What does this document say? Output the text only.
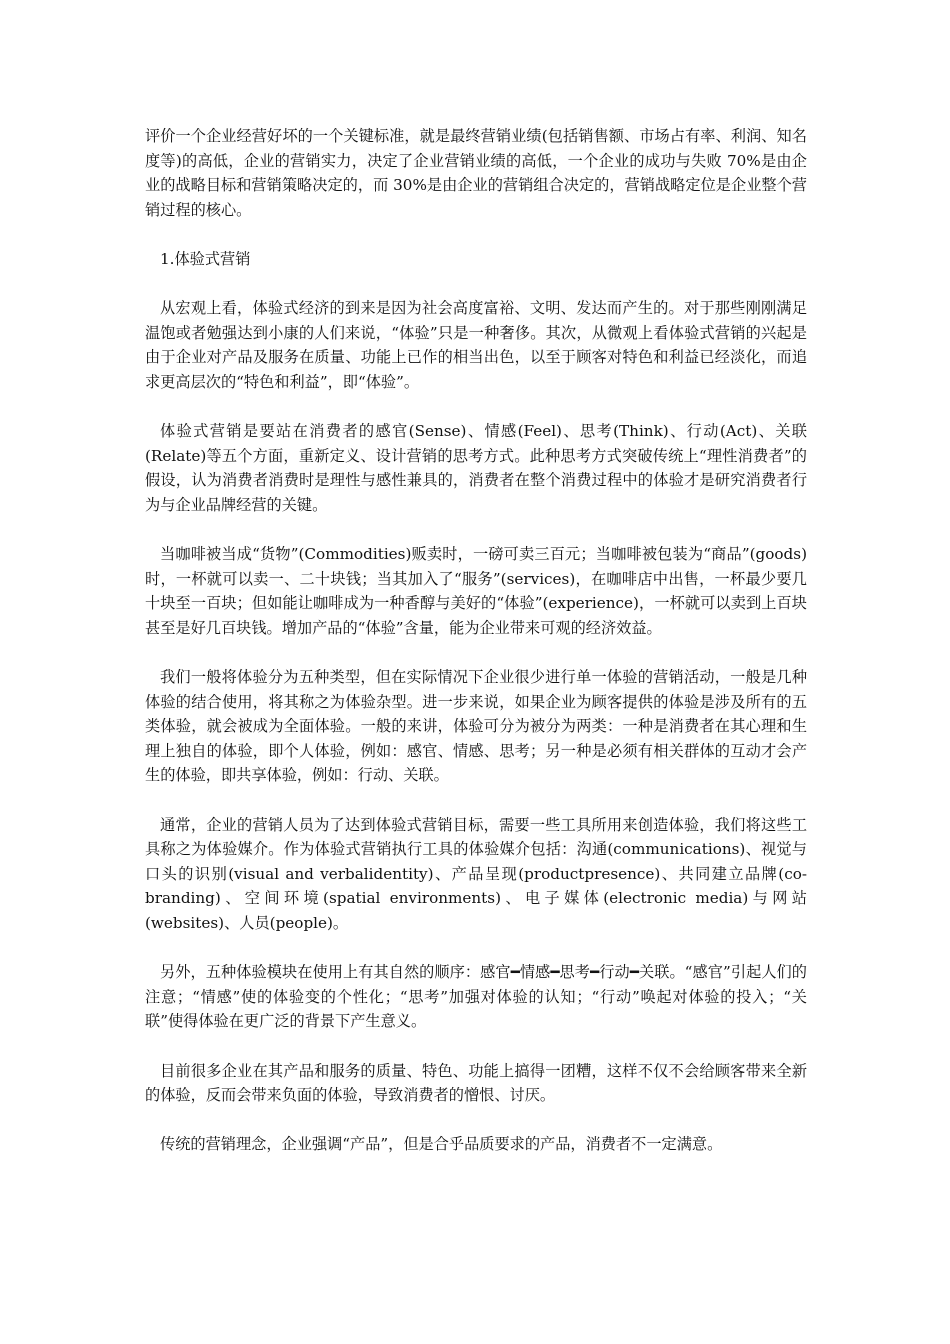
评价一个企业经营好坏的一个关键标准，就是最终营销业绩(包括销售额、市场占有率、利润、知名度等)的高低，企业的营销实力，决定了企业营销业绩的高低，一个企业的成功与失败 70%是由企业的战略目标和营销策略决定的，而 30%是由企业的营销组合决定的，营销战略定位是企业整个营销过程的核心。

1.体验式营销

从宏观上看，体验式经济的到来是因为社会高度富裕、文明、发达而产生的。对于那些刚刚满足温饱或者勉强达到小康的人们来说，“体验”只是一种奢侈。其次，从微观上看体验式营销的兴起是由于企业对产品及服务在质量、功能上已作的相当出色，以至于顾客对特色和利益已经淡化，而追求更高层次的“特色和利益”，即“体验”。

体验式营销是要站在消费者的感官(Sense)、情感(Feel)、思考(Think)、行动(Act)、关联(Relate)等五个方面，重新定义、设计营销的思考方式。此种思考方式突破传统上“理性消费者”的假设，认为消费者消费时是理性与感性兼具的，消费者在整个消费过程中的体验才是研究消费者行为与企业品牌经营的关键。

当咖啡被当成“货物”(Commodities)贩卖时，一磅可卖三百元；当咖啡被包装为“商品”(goods)时，一杯就可以卖一、二十块钱；当其加入了“服务”(services)，在咖啡店中出售，一杯最少要几十块至一百块；但如能让咖啡成为一种香醇与美好的“体验”(experience)，一杯就可以卖到上百块甚至是好几百块钱。增加产品的“体验”含量，能为企业带来可观的经济效益。

我们一般将体验分为五种类型，但在实际情况下企业很少进行单一体验的营销活动，一般是几种体验的结合使用，将其称之为体验杂型。进一步来说，如果企业为顾客提供的体验是涉及所有的五类体验，就会被成为全面体验。一般的来讲，体验可分为被分为两类：一种是消费者在其心理和生理上独自的体验，即个人体验，例如：感官、情感、思考；另一种是必须有相关群体的互动才会产生的体验，即共享体验，例如：行动、关联。

通常，企业的营销人员为了达到体验式营销目标，需要一些工具所用来创造体验，我们将这些工具称之为体验媒介。作为体验式营销执行工具的体验媒介包括：沟通(communications)、视觉与口头的识别(visual and verbalidentity)、产品呈现(productpresence)、共同建立品牌(co-branding)、空间环境(spatial environments)、电子媒体(electronic media)与网站(websites)、人员(people)。

另外，五种体验模块在使用上有其自然的顺序：感官━情感━思考━行动━关联。“感官”引起人们的注意；“情感”使的体验变的个性化；“思考”加强对体验的认知；“行动”唤起对体验的投入；“关联”使得体验在更广泛的背景下产生意义。

目前很多企业在其产品和服务的质量、特色、功能上搞得一团糟，这样不仅不会给顾客带来全新的体验，反而会带来负面的体验，导致消费者的憎恨、讨厌。

传统的营销理念，企业强调“产品”，但是合乎品质要求的产品，消费者不一定满意。
